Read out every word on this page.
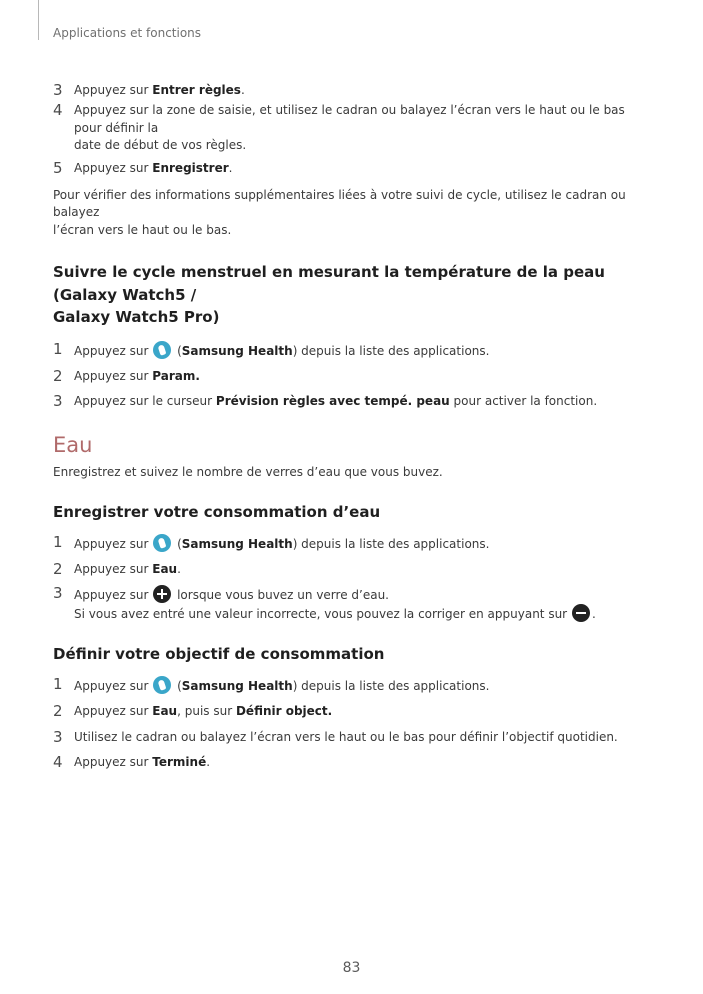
Applications et fonctions
3 Appuyez sur Entrer règles.
4 Appuyez sur la zone de saisie, et utilisez le cadran ou balayez l’écran vers le haut ou le bas pour définir la
date de début de vos règles.
5 Appuyez sur Enregistrer.
Pour vérifier des informations supplémentaires liées à votre suivi de cycle, utilisez le cadran ou balayez
l’écran vers le haut ou le bas.
Suivre le cycle menstruel en mesurant la température de la peau (Galaxy Watch5 /
Galaxy Watch5 Pro)
1 Appuyez sur  (Samsung Health) depuis la liste des applications.
2 Appuyez sur Param.
3 Appuyez sur le curseur Prévision règles avec tempé. peau pour activer la fonction.
Eau
Enregistrez et suivez le nombre de verres d’eau que vous buvez.
Enregistrer votre consommation d’eau
1 Appuyez sur  (Samsung Health) depuis la liste des applications.
2 Appuyez sur Eau.
3 Appuyez sur  lorsque vous buvez un verre d’eau.
Si vous avez entré une valeur incorrecte, vous pouvez la corriger en appuyant sur .
Définir votre objectif de consommation
1 Appuyez sur  (Samsung Health) depuis la liste des applications.
2 Appuyez sur Eau, puis sur Définir object.
3 Utilisez le cadran ou balayez l’écran vers le haut ou le bas pour définir l’objectif quotidien.
4 Appuyez sur Terminé.
83
